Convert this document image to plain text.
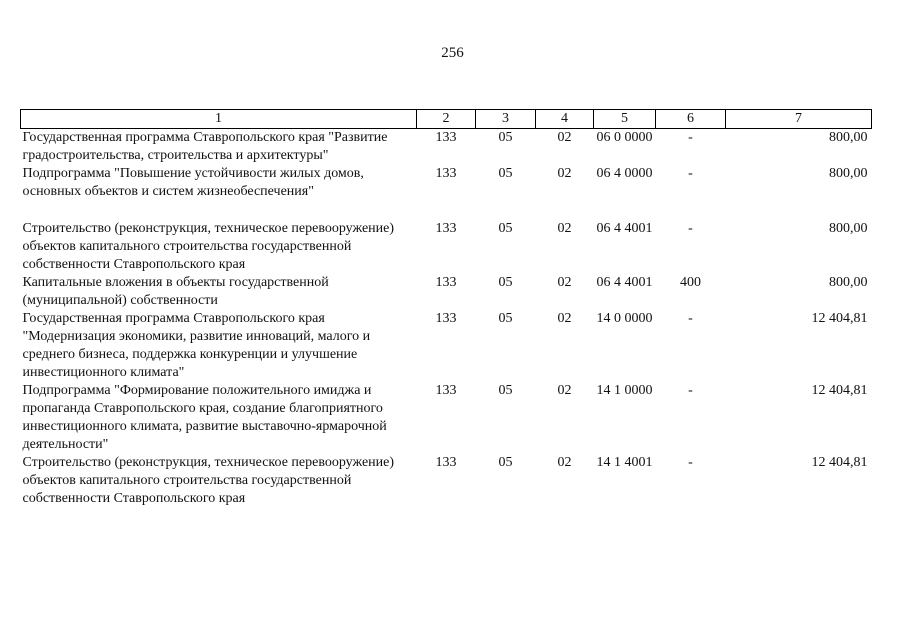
256
1	2	3	4	5	6	7
Государственная программа Ставропольского края "Развитие градостроительства, строительства и архитектуры"	133	05	02	06 0 0000	-	800,00
Подпрограмма "Повышение устойчивости жилых домов, основных объектов и систем жизнеобеспечения"	133	05	02	06 4 0000	-	800,00
Строительство (реконструкция, техническое перевооружение) объектов капитального строительства государственной собственности Ставропольского края	133	05	02	06 4 4001	-	800,00
Капитальные вложения в объекты государственной (муниципальной) собственности	133	05	02	06 4 4001	400	800,00
Государственная программа Ставропольского края "Модернизация экономики, развитие инноваций, малого и среднего бизнеса, поддержка конкуренции и улучшение инвестиционного климата"	133	05	02	14 0 0000	-	12 404,81
Подпрограмма "Формирование положительного имиджа и пропаганда Ставропольского края, создание благоприятного инвестиционного климата, развитие выставочно-ярмарочной деятельности"	133	05	02	14 1 0000	-	12 404,81
Строительство (реконструкция, техническое перевооружение) объектов капитального строительства государственной собственности Ставропольского края	133	05	02	14 1 4001	-	12 404,81
